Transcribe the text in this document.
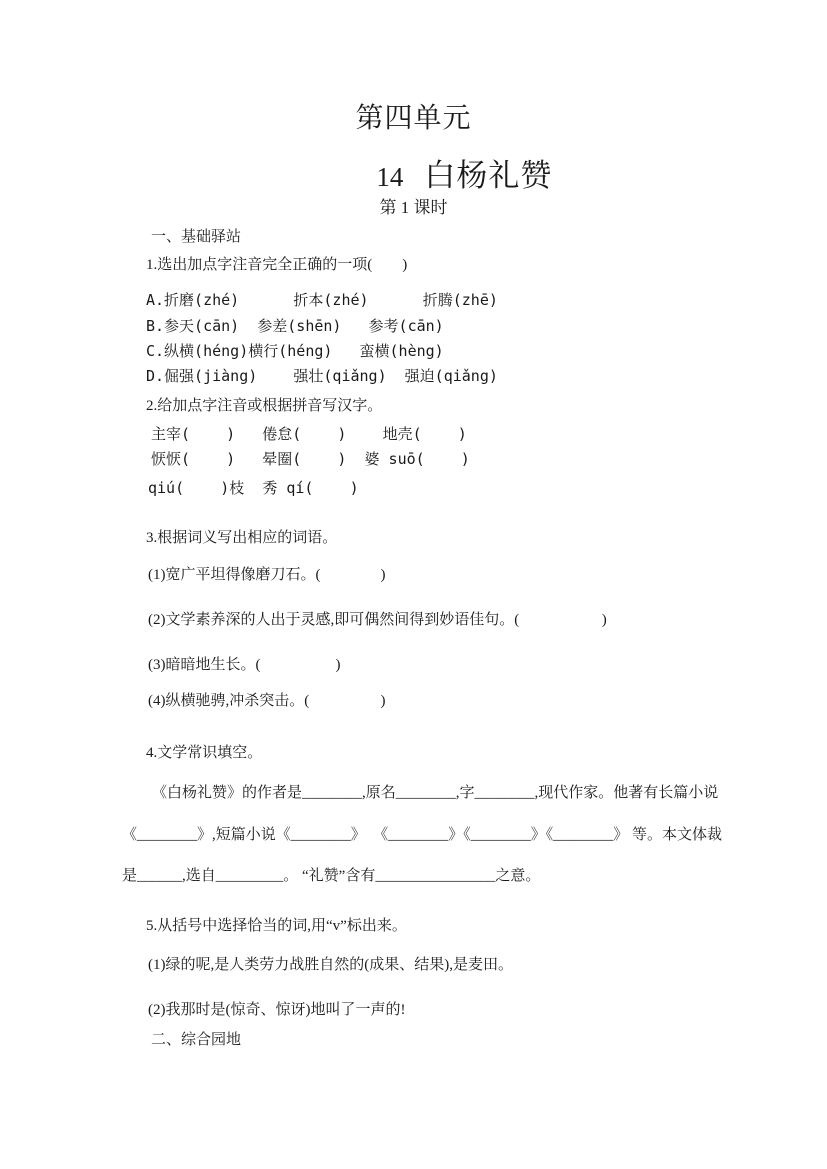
第四单元

14 白杨礼赞

第 1 课时
一、基础驿站
1.选出加点字注音完全正确的一项(        )
A.折磨(zhé)      折本(zhé)      折腾(zhē)
B.参天(cān)  参差(shēn)   参考(cān)
C.纵横(héng)横行(héng)   蛮横(hèng)
D.倔强(jiàng)    强壮(qiǎng)  强迫(qiǎng)
2.给加点字注音或根据拼音写汉字。
主宰(    )   倦怠(    )    地壳(    )
恹恹(    )   晕圈(    )  婆 suō(    )
qiú(    )枝  秀 qí(    )
3.根据词义写出相应的词语。
(1)宽广平坦得像磨刀石。(                )
(2)文学素养深的人出于灵感,即可偶然间得到妙语佳句。(                      )
(3)暗暗地生长。(                    )
(4)纵横驰骋,冲杀突击。(                   )
4.文学常识填空。
《白杨礼赞》的作者是________,原名________,字________,现代作家。他著有长篇小说
《________》,短篇小说《________》  《________》《________》《________》 等。本文体裁
是______,选自_________。 “礼赞”含有________________之意。
5.从括号中选择恰当的词,用“v”标出来。
(1)绿的呢,是人类劳力战胜自然的(成果、结果),是麦田。
(2)我那时是(惊奇、惊讶)地叫了一声的!
二、综合园地
